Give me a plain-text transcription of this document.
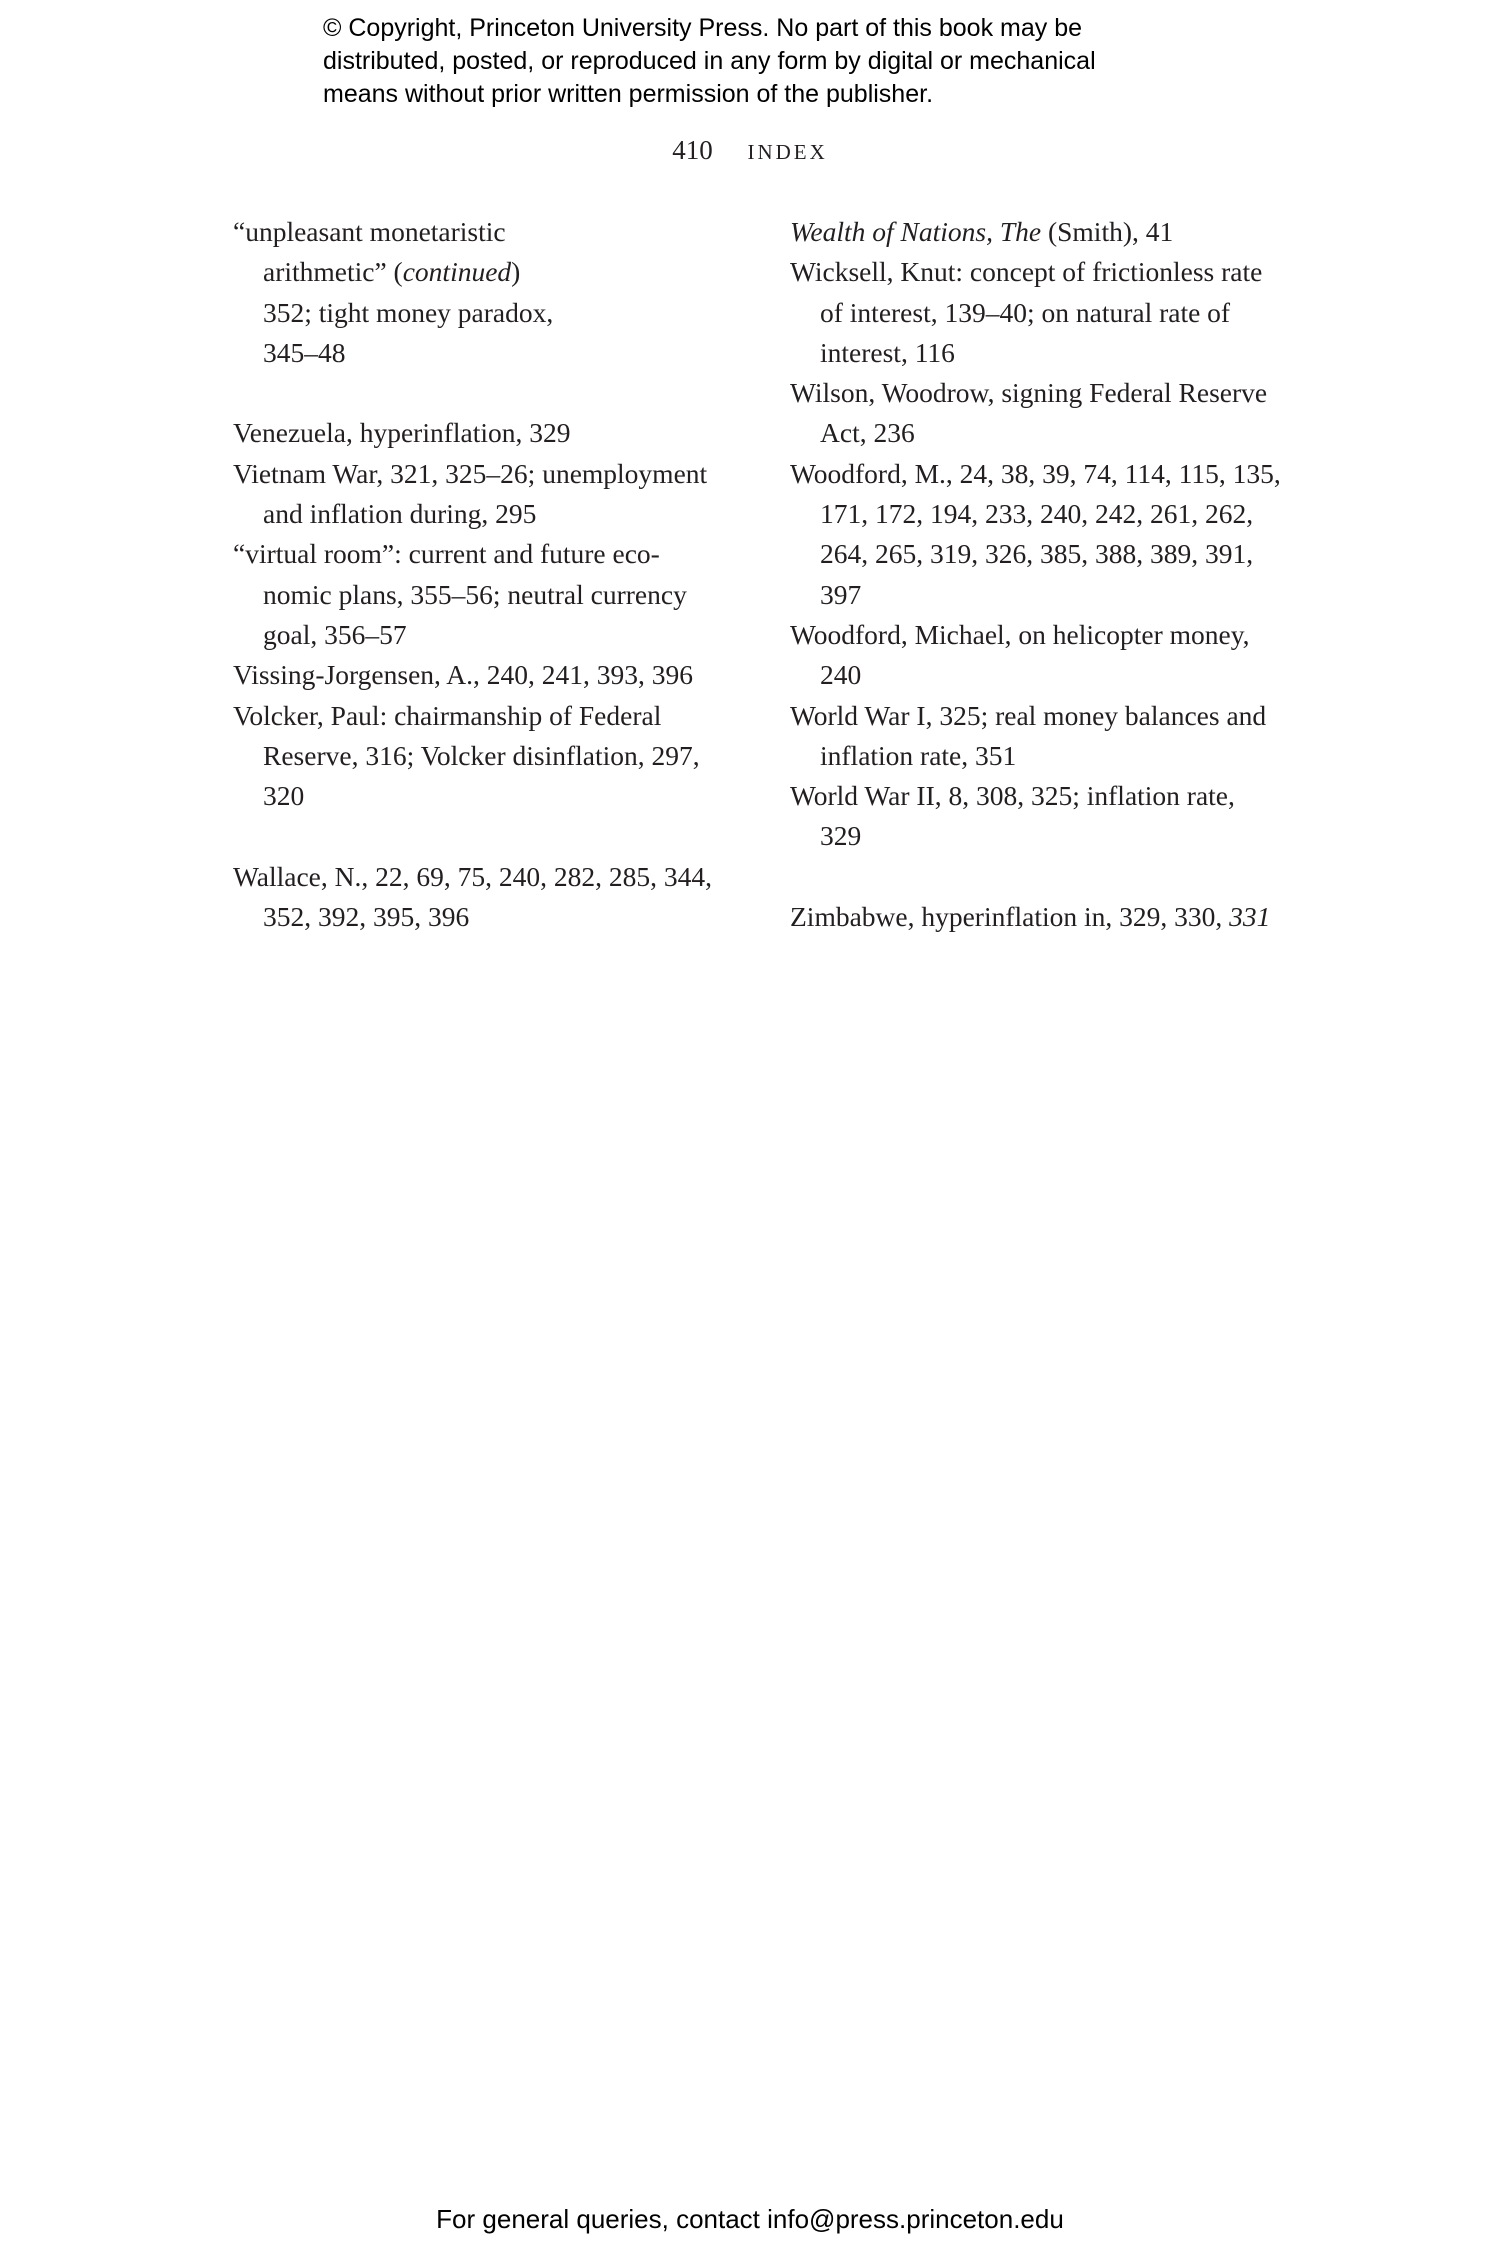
© Copyright, Princeton University Press. No part of this book may be
distributed, posted, or reproduced in any form by digital or mechanical
means without prior written permission of the publisher.
410 INDEX
“unpleasant monetaristic
arithmetic” (continued)
352; tight money paradox,
345–48
Venezuela, hyperinflation, 329
Vietnam War, 321, 325–26; unemployment
and inflation during, 295
“virtual room”: current and future eco-
nomic plans, 355–56; neutral currency
goal, 356–57
Vissing-Jorgensen, A., 240, 241, 393, 396
Volcker, Paul: chairmanship of Federal
Reserve, 316; Volcker disinflation, 297,
320
Wallace, N., 22, 69, 75, 240, 282, 285, 344,
352, 392, 395, 396
Wealth of Nations, The (Smith), 41
Wicksell, Knut: concept of frictionless rate
of interest, 139–40; on natural rate of
interest, 116
Wilson, Woodrow, signing Federal Reserve
Act, 236
Woodford, M., 24, 38, 39, 74, 114, 115, 135,
171, 172, 194, 233, 240, 242, 261, 262,
264, 265, 319, 326, 385, 388, 389, 391,
397
Woodford, Michael, on helicopter money,
240
World War I, 325; real money balances and
inflation rate, 351
World War II, 8, 308, 325; inflation rate,
329
Zimbabwe, hyperinflation in, 329, 330, 331
For general queries, contact info@press.princeton.edu
